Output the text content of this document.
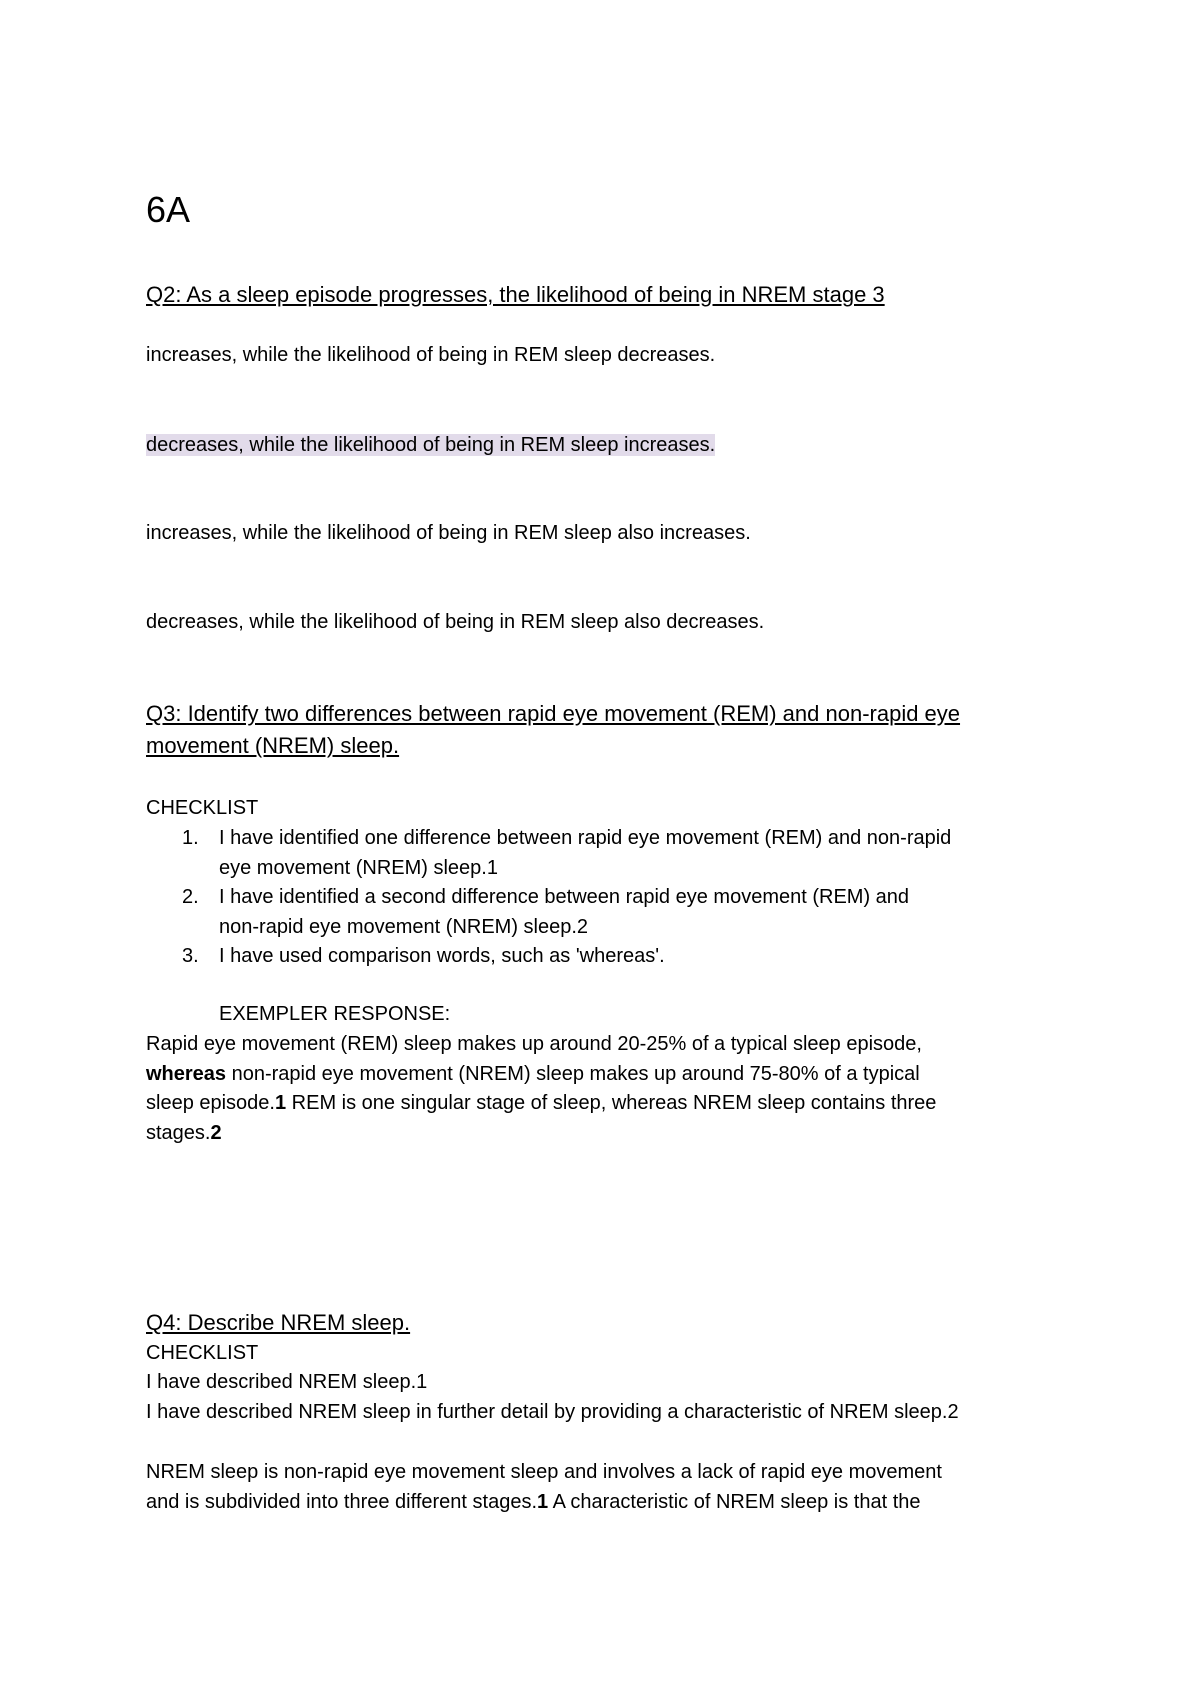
6A
Q2: As a sleep episode progresses, the likelihood of being in NREM stage 3
increases, while the likelihood of being in REM sleep decreases.
decreases, while the likelihood of being in REM sleep increases.
increases, while the likelihood of being in REM sleep also increases.
decreases, while the likelihood of being in REM sleep also decreases.
Q3: Identify two differences between rapid eye movement (REM) and non-rapid eye
movement (NREM) sleep.
CHECKLIST
1. I have identified one difference between rapid eye movement (REM) and non-rapid
eye movement (NREM) sleep.1
2. I have identified a second difference between rapid eye movement (REM) and
non-rapid eye movement (NREM) sleep.2
3. I have used comparison words, such as 'whereas'.
EXEMPLER RESPONSE:

Rapid eye movement (REM) sleep makes up around 20-25% of a typical sleep episode,
whereas non-rapid eye movement (NREM) sleep makes up around 75-80% of a typical
sleep episode.1 REM is one singular stage of sleep, whereas NREM sleep contains three
stages.2

Q4: Describe NREM sleep.
CHECKLIST
I have described NREM sleep.1
I have described NREM sleep in further detail by providing a characteristic of NREM sleep.2

NREM sleep is non-rapid eye movement sleep and involves a lack of rapid eye movement
and is subdivided into three different stages.1 A characteristic of NREM sleep is that the
